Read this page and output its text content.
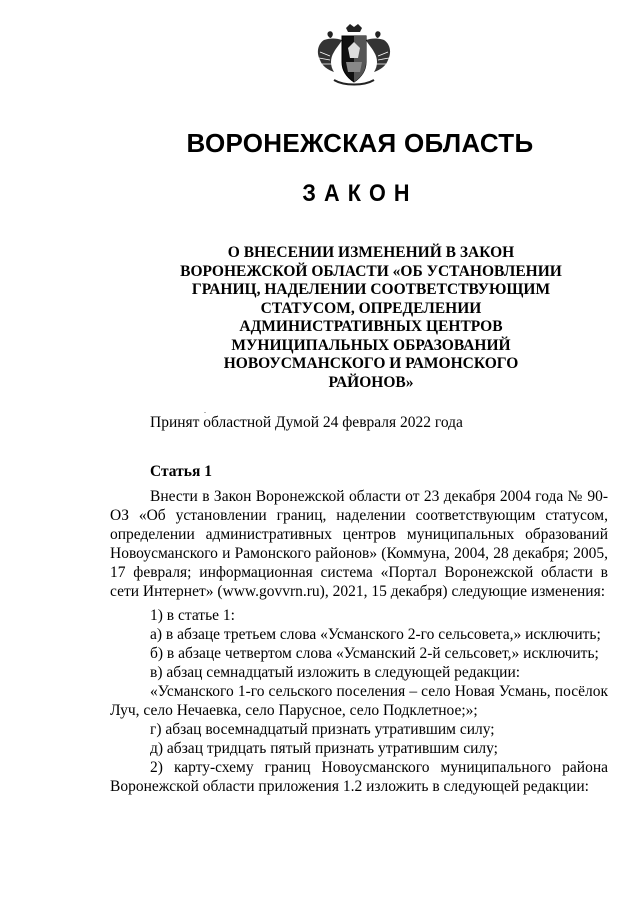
ВОРОНЕЖСКАЯ ОБЛАСТЬ
ЗАКОН
О ВНЕСЕНИИ ИЗМЕНЕНИЙ В ЗАКОН ВОРОНЕЖСКОЙ ОБЛАСТИ «ОБ УСТАНОВЛЕНИИ ГРАНИЦ, НАДЕЛЕНИИ СООТВЕТСТВУЮЩИМ СТАТУСОМ, ОПРЕДЕЛЕНИИ АДМИНИСТРАТИВНЫХ ЦЕНТРОВ МУНИЦИПАЛЬНЫХ ОБРАЗОВАНИЙ НОВОУСМАНСКОГО И РАМОНСКОГО РАЙОНОВ»
.
Принят областной Думой 24 февраля 2022 года
Статья 1

Внести в Закон Воронежской области от 23 декабря 2004 года № 90-ОЗ «Об установлении границ, наделении соответствующим статусом, определении административных центров муниципальных образований Новоусманского и Рамонского районов» (Коммуна, 2004, 28 декабря; 2005, 17 февраля; информационная система «Портал Воронежской области в сети Интернет» (www.govvrn.ru), 2021, 15 декабря) следующие изменения:

1) в статье 1:

а) в абзаце третьем слова «Усманского 2-го сельсовета,» исключить;

б) в абзаце четвертом слова «Усманский 2-й сельсовет,» исключить;

в) абзац семнадцатый изложить в следующей редакции:

«Усманского 1-го сельского поселения – село Новая Усмань, посёлок Луч, село Нечаевка, село Парусное, село Подклетное;»;

г) абзац восемнадцатый признать утратившим силу;

д) абзац тридцать пятый признать утратившим силу;

2) карту-схему границ Новоусманского муниципального района Воронежской области приложения 1.2 изложить в следующей редакции:
